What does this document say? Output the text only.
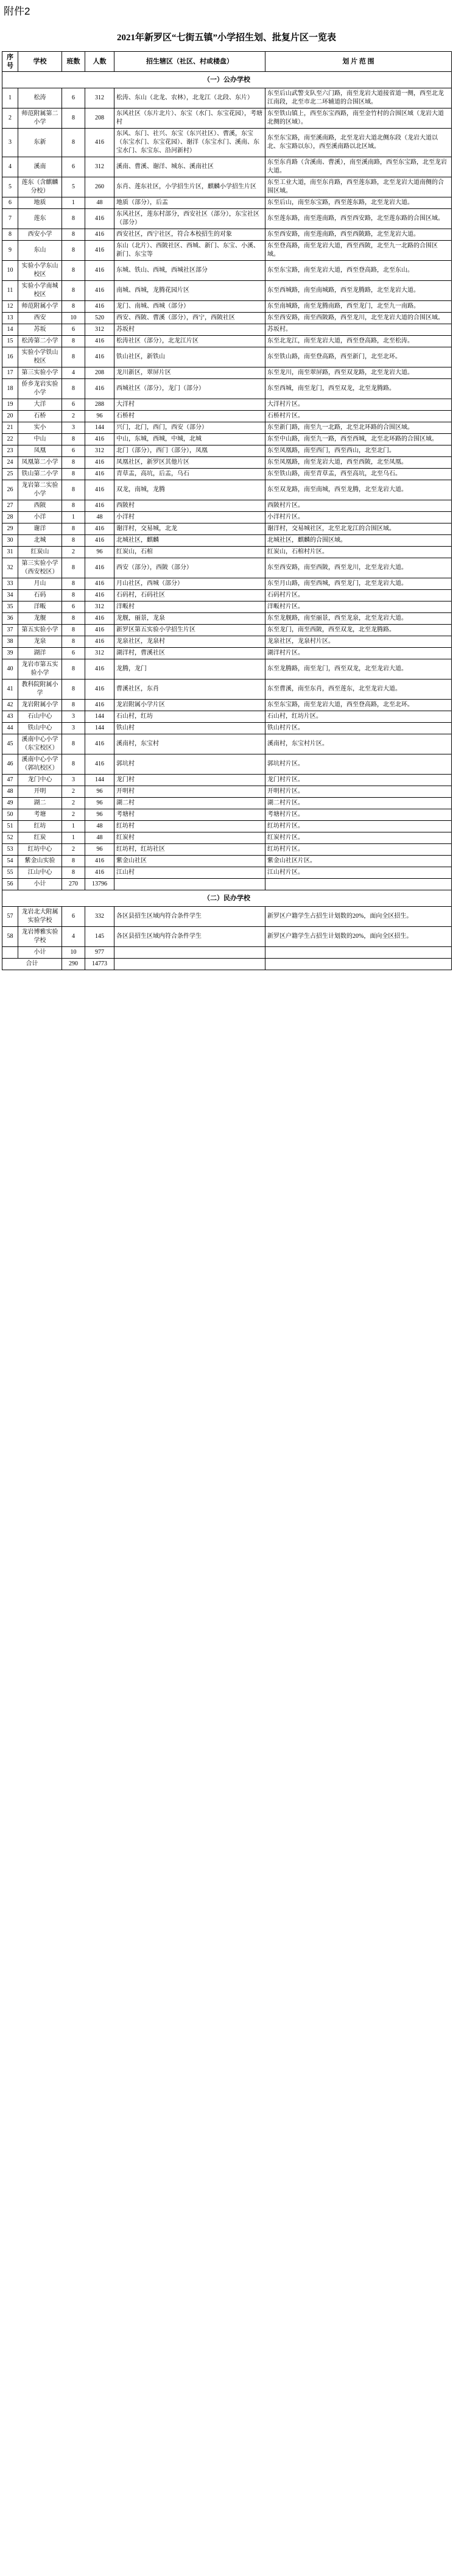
附件2
2021年新罗区“七街五镇”小学招生划、批复片区一览表
序号	学校	班数	人数	招生辖区（社区、村或楼盘）	划 片 范 围
（一）公办学校					
1	松涛	6	312	松涛、东山（北龙、农林），北龙江（北段、东片）	东至后山武警支队至六门路，南至龙岩大道接省道一侧，西至北龙江南段，北至市北二环辅道的合围区域。
2	师范附属第二小学	8	208	东风社区（东片北片）、东宝（水门、东宝花园），考塘村	东至铁山镇上，西至东宝西路，南至金竹村的合围区域（龙岩大道北侧的区域）。
3	东新	8	416	东风、东门、社兴、东宝（东兴社区）、曹溪，东宝（东宝水门、东宝花园）、谢洋（东宝水门、溪南、东宝水门、东宝东、沿河新村）	东至东宝路，南至溪南路，北至龙岩大道北侧东段（龙岩大道以北、东宝路以东），西至溪南路以北区域。
4	溪南	6	312	溪南、曹溪、谢洋、城东、溪南社区	东至东肖路（含溪南、曹溪），南至溪南路，西至东宝路，北至龙岩大道。
5	莲东（含麒麟分校）	5	260	东肖、莲东社区，小学招生片区，麒麟小学招生片区	东至工业大道，南至东肖路，西至莲东路，北至龙岩大道南侧的合围区域。
6	地质	1	48	地质（部分），后盂	东至后山，南至东宝路，西至莲东路，北至龙岩大道。
7	莲东	8	416	东风社区，莲东村部分，西安社区（部分），东宝社区（部分）	东至莲东路，南至莲南路，西至西安路，北至莲东路的合围区域。
8	西安小学	8	416	西安社区，西宁社区，符合本校招生的对象	东至西安路，南至莲南路，西至西陂路，北至龙岩大道。
9	东山	8	416	东山（北片）、西陂社区、西城、新门、东宝、小溪、新门、东宝等	东至登高路，南至龙岩大道，西至西陂，北至九一北路的合围区域。
10	实验小学东山校区	8	416	东城、铁山、西城，西城社区部分	东至东宝路，南至龙岩大道，西至登高路，北至东山。
11	实验小学南城校区	8	416	南城、西城，龙腾花园片区	东至西城路，南至南城路，西至龙腾路，北至龙岩大道。
12	师范附属小学	8	416	龙门、南城、西城（部分）	东至南城路，南至龙腾南路，西至龙门，北至九一南路。
13	西安	10	520	西安、西陂、曹溪（部分），西宁，西陂社区	东至西安路，南至西陂路，西至龙川，北至龙岩大道的合围区域。
14	苏坂	6	312	苏坂村	苏坂村。
15	松涛第二小学	8	416	松涛社区（部分），北龙江片区	东至北龙江，南至龙岩大道，西至登高路，北至松涛。
16	实验小学铁山校区	8	416	铁山社区，新铁山	东至铁山路，南至登高路，西至新门，北至北环。
17	第三实验小学	4	208	龙川新区，翠屏片区	东至龙川，南至翠屏路，西至双龙路，北至龙岩大道。
18	侨乡龙岩实验小学	8	416	西城社区（部分），龙门（部分）	东至西城，南至龙门，西至双龙，北至龙腾路。
19	大洋	6	288	大洋村	大洋村片区。
20	石桥	2	96	石桥村	石桥村片区。
21	实小	3	144	兴门，北门，西门，西安（部分）	东至新门路，南至九一北路，北至北环路的合围区域。
22	中山	8	416	中山，东城，西城，中城，北城	东至中山路，南至九一路，西至西城，北至北环路的合围区域。
23	凤凰	6	312	北门（部分），西门（部分），凤凰	东至凤凰路，南至西门，西至西山，北至北门。
24	凤凰第二小学	8	416	凤凰社区，新罗区其他片区	东至凤凰路，南至龙岩大道，西至西陂，北至凤凰。
25	铁山第二小学	8	416	青草盂，高坑，后盂，乌石	东至铁山路，南至青草盂，西至高坑，北至乌石。
26	龙岩第二实验小学	8	416	双龙，南城，龙腾	东至双龙路，南至南城，西至龙腾，北至龙岩大道。
27	西陂	8	416	西陂村	西陂村片区。
28	小洋	1	48	小洋村	小洋村片区。
29	谢洋	8	416	谢洋村，交易城，北龙	谢洋村，交易城社区，北至北龙江的合围区域。
30	北城	8	416	北城社区，麒麟	北城社区，麒麟的合围区域。
31	红炭山	2	96	红炭山，石棺	红炭山，石棺村片区。
32	第三实验小学（西安校区）	8	416	西安（部分），西陂（部分）	东至西安路，南至西陂，西至龙川，北至龙岩大道。
33	月山	8	416	月山社区，西城（部分）	东至月山路，南至西城，西至龙门，北至龙岩大道。
34	石码	8	416	石码村，石码社区	石码村片区。
35	洋畈	6	312	洋畈村	洋畈村片区。
36	龙舰	8	416	龙舰，丽景，龙泉	东至龙舰路，南至丽景，西至龙泉，北至龙岩大道。
37	第五实验小学	8	416	新罗区第五实验小学招生片区	东至龙门，南至西陂，西至双龙，北至龙腾路。
38	龙泉	8	416	龙泉社区，龙泉村	龙泉社区，龙泉村片区。
39	湖洋	6	312	湖洋村，曹溪社区	湖洋村片区。
40	龙岩市第五实验小学	8	416	龙腾，龙门	东至龙腾路，南至龙门，西至双龙，北至龙岩大道。
41	教科院附属小学	8	416	曹溪社区，东肖	东至曹溪，南至东肖，西至莲东，北至龙岩大道。
42	龙岩附属小学	8	416	龙岩附属小学片区	东至东宝路，南至龙岩大道，西至登高路，北至北环。
43	石山中心	3	144	石山村，红坊	石山村，红坊片区。
44	铁山中心	3	144	铁山村	铁山村片区。
45	溪南中心小学（东宝校区）	8	416	溪南村，东宝村	溪南村，东宝村片区。
46	溪南中心小学（郭坑校区）	8	416	郭坑村	郭坑村片区。
47	龙门中心	3	144	龙门村	龙门村片区。
48	开明	2	96	开明村	开明村片区。
49	湖二	2	96	湖二村	湖二村片区。
50	考塘	2	96	考塘村	考塘村片区。
51	红坊	1	48	红坊村	红坊村片区。
52	红炭	1	48	红炭村	红炭村片区。
53	红坊中心	2	96	红坊村，红坊社区	红坊村片区。
54	紫金山实验	8	416	紫金山社区	紫金山社区片区。
55	江山中心	8	416	江山村	江山村片区。
56	小计	270	13796		
（二）民办学校					
57	龙岩北大附属实验学校	6	332	各区县招生区域内符合条件学生	新罗区户籍学生占招生计划数的20%，面向全区招生。
58	龙岩博雅实验学校	4	145	各区县招生区域内符合条件学生	新罗区户籍学生占招生计划数的20%，面向全区招生。
	小计	10	977		
合计		290	14773		
